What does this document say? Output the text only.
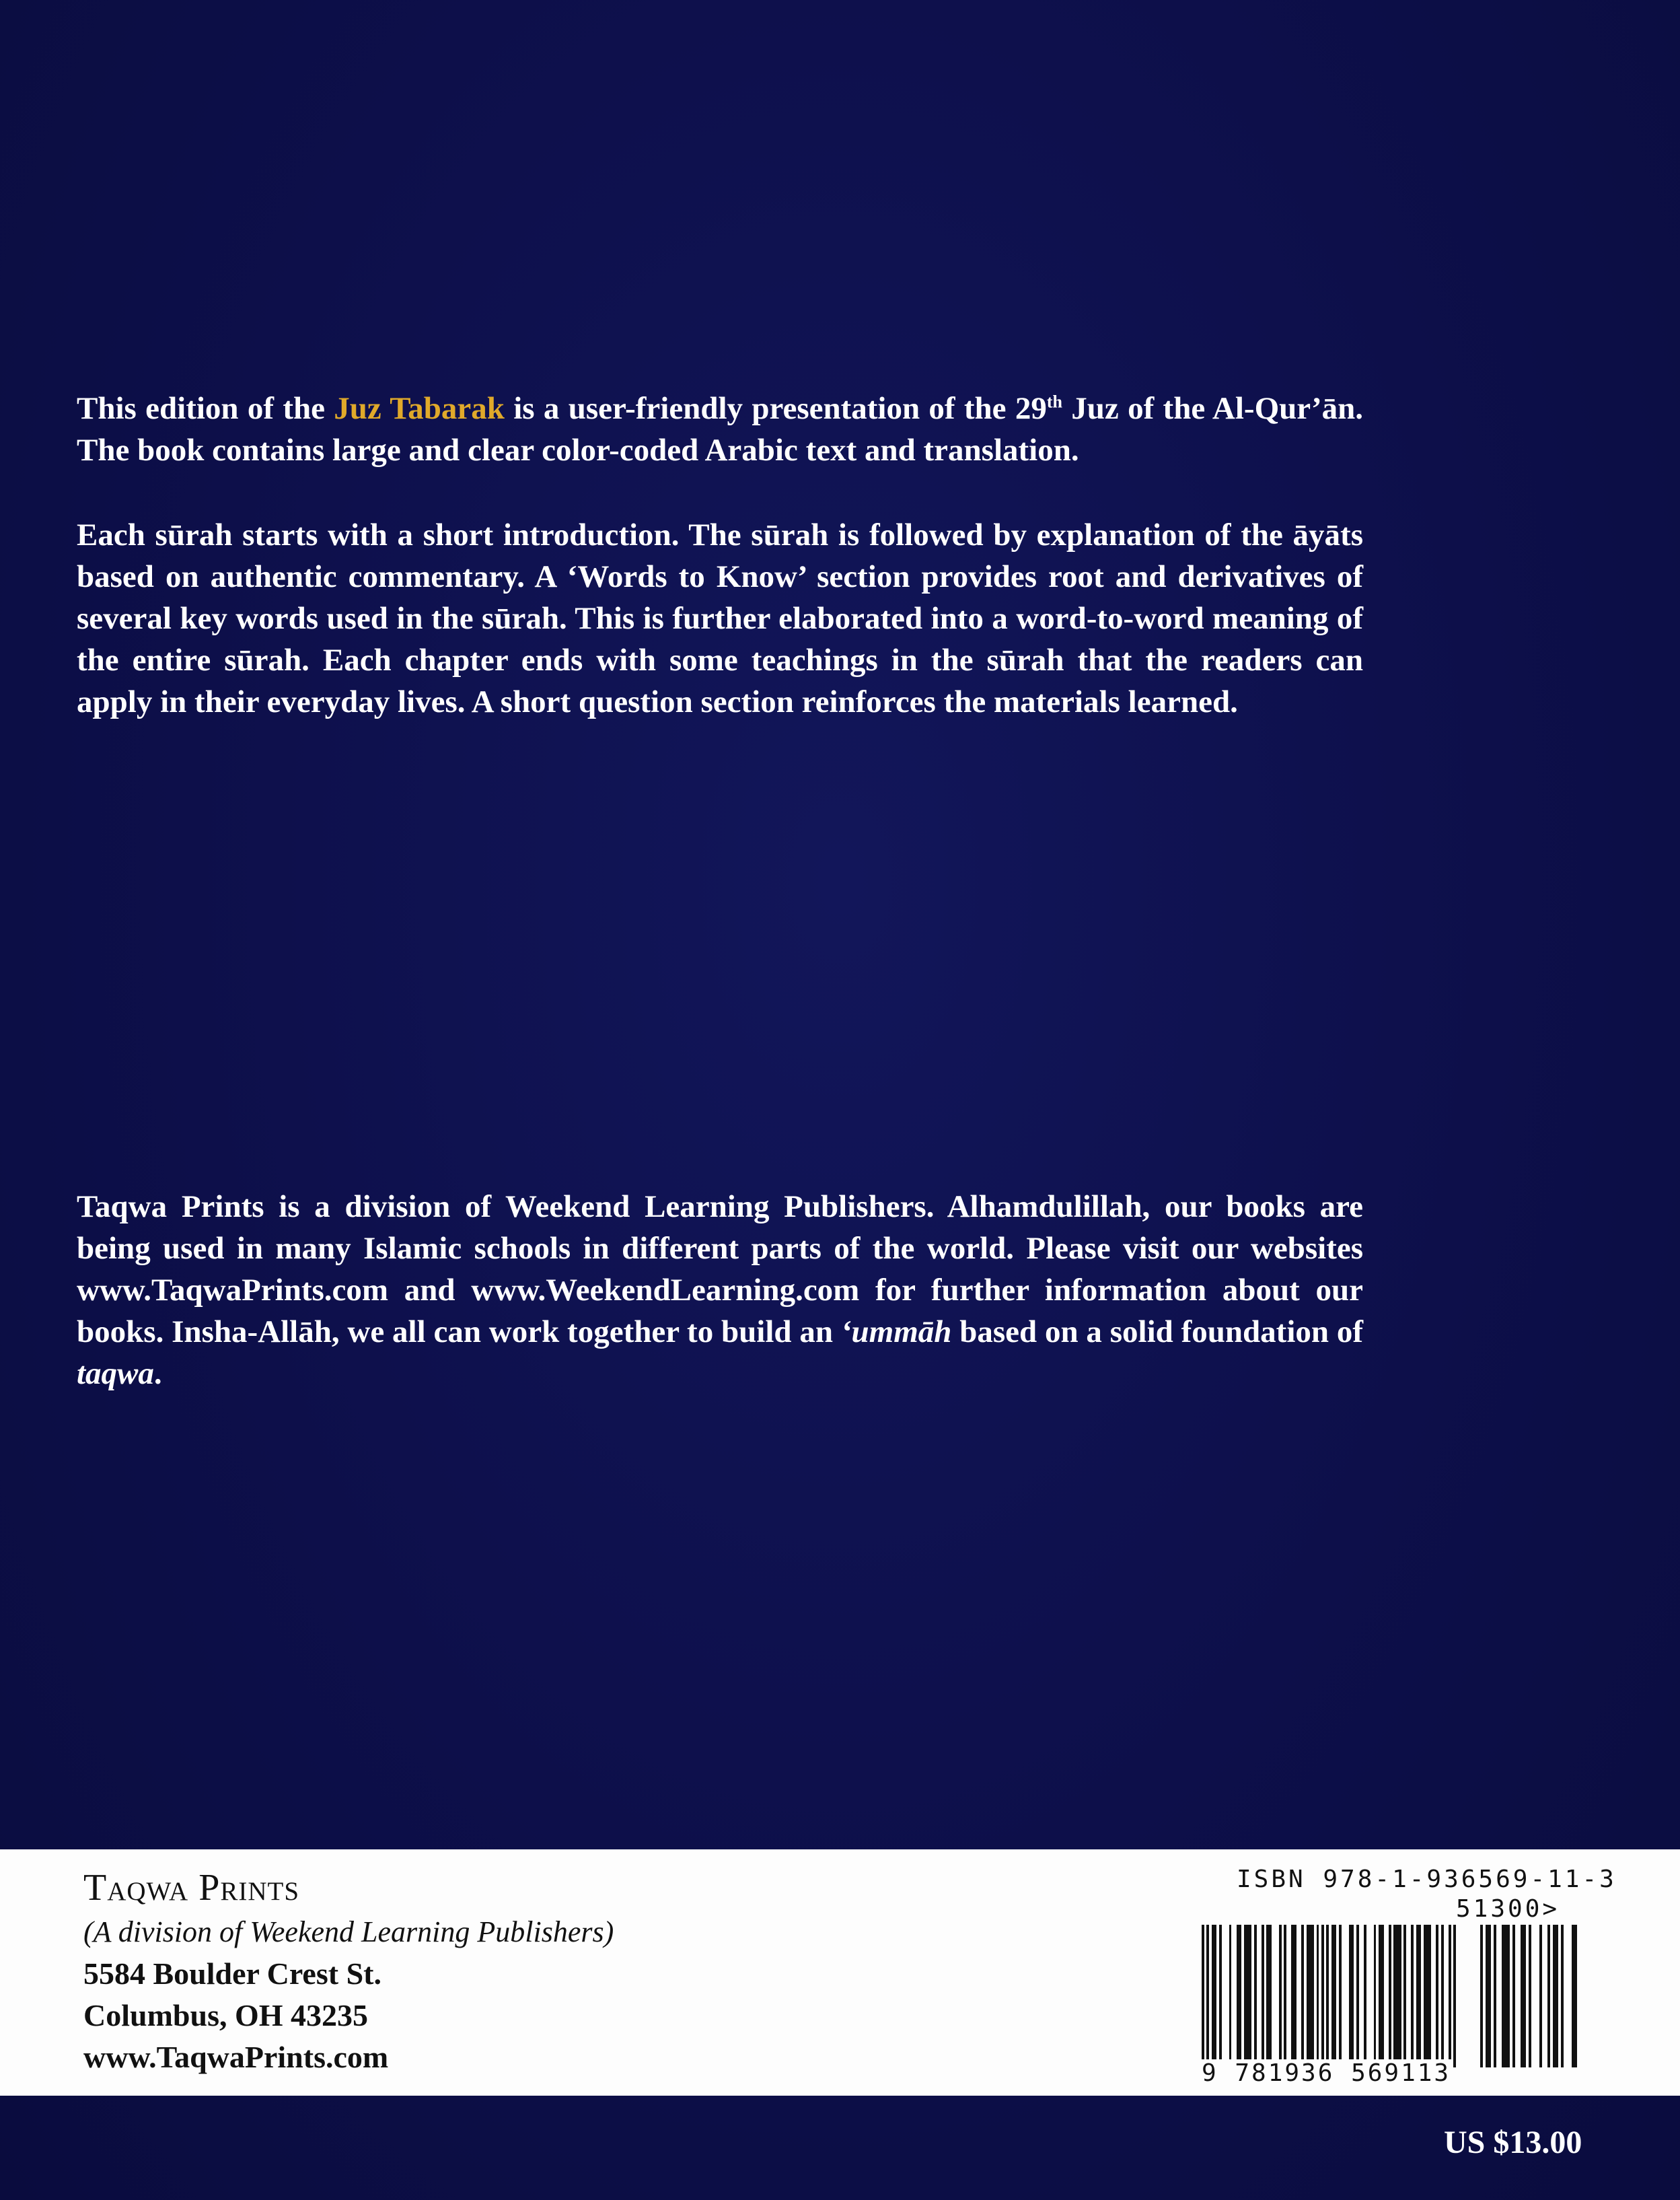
This edition of the Juz Tabarak is a user-friendly presentation of the 29th Juz of the Al-Qur’ān. The book contains large and clear color-coded Arabic text and translation.

Each sūrah starts with a short introduction. The sūrah is followed by explanation of the āyāts based on authentic commentary. A ‘Words to Know’ section provides root and derivatives of several key words used in the sūrah. This is further elaborated into a word-to-word meaning of the entire sūrah. Each chapter ends with some teachings in the sūrah that the readers can apply in their everyday lives. A short question section reinforces the materials learned.

Taqwa Prints is a division of Weekend Learning Publishers. Alhamdulillah, our books are being used in many Islamic schools in different parts of the world. Please visit our websites www.TaqwaPrints.com and www.WeekendLearning.com for further information about our books. Insha-Allāh, we all can work together to build an ‘ummāh based on a solid foundation of taqwa.

Taqwa Prints
(A division of Weekend Learning Publishers)
5584 Boulder Crest St.
Columbus, OH 43235
www.TaqwaPrints.com
ISBN 978-1-936569-11-3
51300>
9 781936 569113
US $13.00
